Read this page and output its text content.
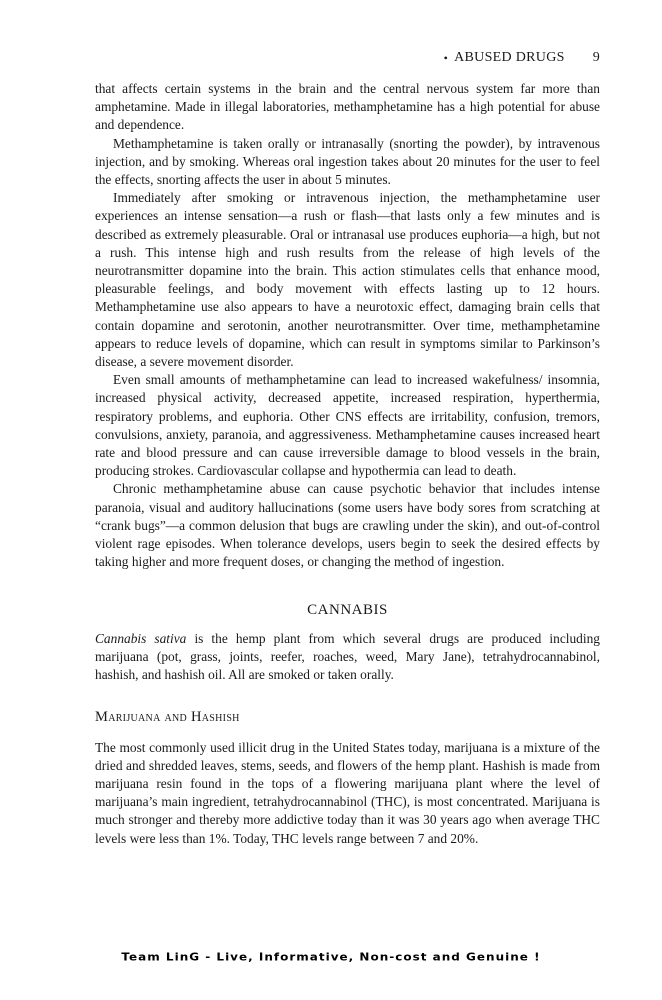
• ABUSED DRUGS 9

that affects certain systems in the brain and the central nervous system far more than amphetamine. Made in illegal laboratories, methamphetamine has a high potential for abuse and dependence.

Methamphetamine is taken orally or intranasally (snorting the powder), by intravenous injection, and by smoking. Whereas oral ingestion takes about 20 minutes for the user to feel the effects, snorting affects the user in about 5 minutes.

Immediately after smoking or intravenous injection, the methamphetamine user experiences an intense sensation—a rush or flash—that lasts only a few minutes and is described as extremely pleasurable. Oral or intranasal use produces euphoria—a high, but not a rush. This intense high and rush results from the release of high levels of the neurotransmitter dopamine into the brain. This action stimulates cells that enhance mood, pleasurable feelings, and body movement with effects lasting up to 12 hours. Methamphetamine use also appears to have a neurotoxic effect, damaging brain cells that contain dopamine and serotonin, another neurotransmitter. Over time, methamphetamine appears to reduce levels of dopamine, which can result in symptoms similar to Parkinson’s disease, a severe movement disorder.

Even small amounts of methamphetamine can lead to increased wakefulness/ insomnia, increased physical activity, decreased appetite, increased respiration, hyperthermia, respiratory problems, and euphoria. Other CNS effects are irritability, confusion, tremors, convulsions, anxiety, paranoia, and aggressiveness. Methamphetamine causes increased heart rate and blood pressure and can cause irreversible damage to blood vessels in the brain, producing strokes. Cardiovascular collapse and hypothermia can lead to death.

Chronic methamphetamine abuse can cause psychotic behavior that includes intense paranoia, visual and auditory hallucinations (some users have body sores from scratching at “crank bugs”—a common delusion that bugs are crawling under the skin), and out-of-control violent rage episodes. When tolerance develops, users begin to seek the desired effects by taking higher and more frequent doses, or changing the method of ingestion.

CANNABIS

Cannabis sativa is the hemp plant from which several drugs are produced including marijuana (pot, grass, joints, reefer, roaches, weed, Mary Jane), tetrahydrocannabinol, hashish, and hashish oil. All are smoked or taken orally.

Marijuana and Hashish

The most commonly used illicit drug in the United States today, marijuana is a mixture of the dried and shredded leaves, stems, seeds, and flowers of the hemp plant. Hashish is made from marijuana resin found in the tops of a flowering marijuana plant where the level of marijuana’s main ingredient, tetrahydrocannabinol (THC), is most concentrated. Marijuana is much stronger and thereby more addictive today than it was 30 years ago when average THC levels were less than 1%. Today, THC levels range between 7 and 20%.

Team LinG - Live, Informative, Non-cost and Genuine !
